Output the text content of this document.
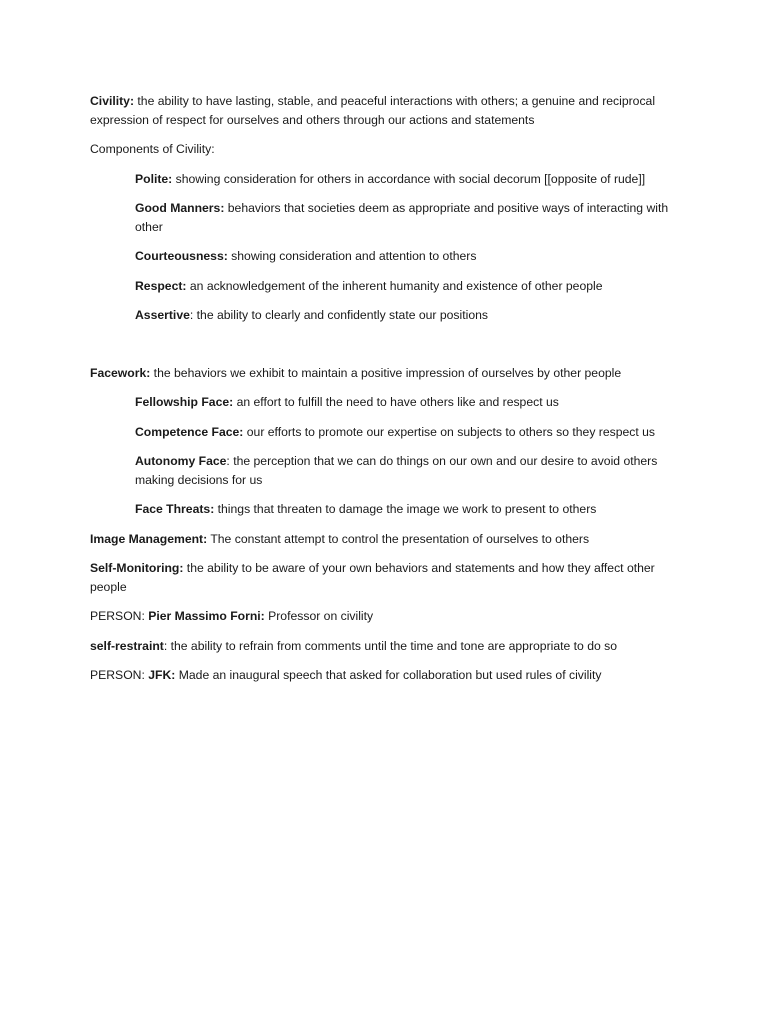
Civility: the ability to have lasting, stable, and peaceful interactions with others; a genuine and reciprocal expression of respect for ourselves and others through our actions and statements

Components of Civility:

Polite: showing consideration for others in accordance with social decorum [[opposite of rude]]

Good Manners: behaviors that societies deem as appropriate and positive ways of interacting with other

Courteousness: showing consideration and attention to others

Respect: an acknowledgement of the inherent humanity and existence of other people

Assertive: the ability to clearly and confidently state our positions

Facework: the behaviors we exhibit to maintain a positive impression of ourselves by other people

Fellowship Face: an effort to fulfill the need to have others like and respect us

Competence Face: our efforts to promote our expertise on subjects to others so they respect us

Autonomy Face: the perception that we can do things on our own and our desire to avoid others making decisions for us

Face Threats: things that threaten to damage the image we work to present to others

Image Management: The constant attempt to control the presentation of ourselves to others

Self-Monitoring: the ability to be aware of your own behaviors and statements and how they affect other people

PERSON: Pier Massimo Forni: Professor on civility

self-restraint: the ability to refrain from comments until the time and tone are appropriate to do so

PERSON: JFK: Made an inaugural speech that asked for collaboration but used rules of civility
